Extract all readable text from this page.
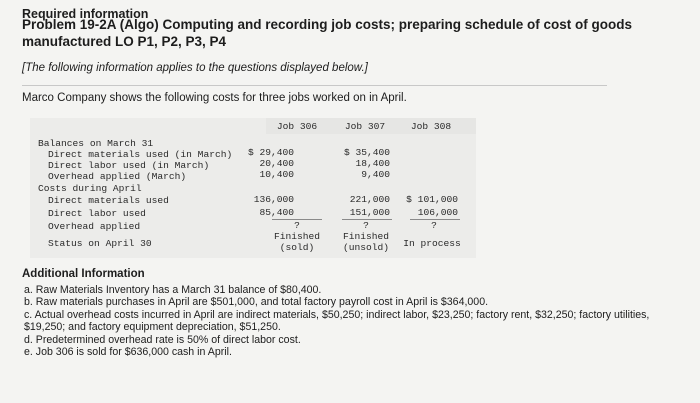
Required information
Problem 19-2A (Algo) Computing and recording job costs; preparing schedule of cost of goods manufactured LO P1, P2, P3, P4
[The following information applies to the questions displayed below.]
Marco Company shows the following costs for three jobs worked on in April.
Job 306	Job 307	Job 308
Balances on March 31
Direct materials used (in March)
Direct labor used (in March)
Overhead applied (March)
Costs during April
Direct materials used
Direct labor used
Overhead applied
Status on April 30
$ 29,400
20,400
10,400
136,000
85,400
?
Finished
(sold)
$ 35,400
18,400
9,400
221,000
151,000
?
Finished
(unsold)
$ 101,000
106,000
?
In process
Additional Information
a. Raw Materials Inventory has a March 31 balance of $80,400.
b. Raw materials purchases in April are $501,000, and total factory payroll cost in April is $364,000.
c. Actual overhead costs incurred in April are indirect materials, $50,250; indirect labor, $23,250; factory rent, $32,250; factory utilities, $19,250; and factory equipment depreciation, $51,250.
d. Predetermined overhead rate is 50% of direct labor cost.
e. Job 306 is sold for $636,000 cash in April.
